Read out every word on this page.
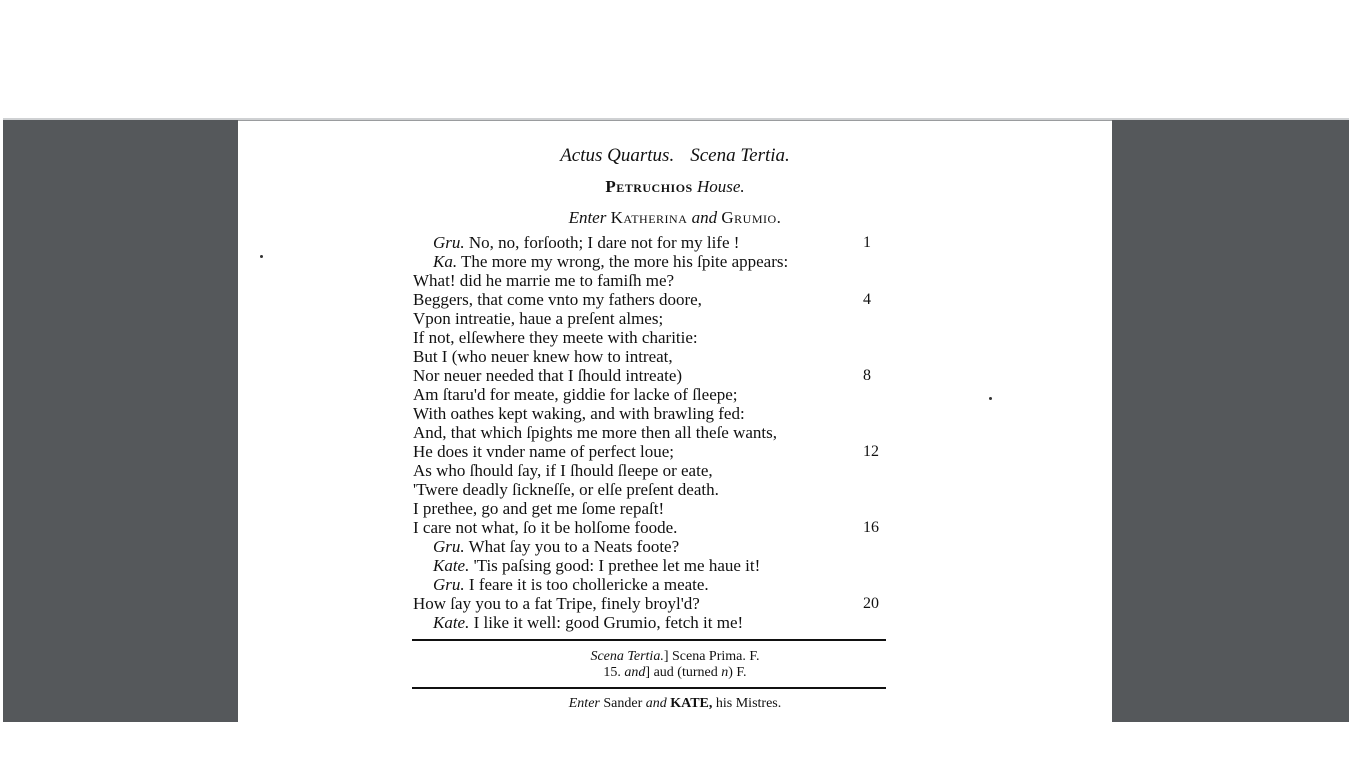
Actus Quartus. Scena Tertia.
Petruchios House.
Enter Katherina and Grumio.
Gru. No, no, forſooth; I dare not for my life !	1
Ka. The more my wrong, the more his ſpite appears:
What! did he marrie me to famiſh me?
Beggers, that come vnto my fathers doore,	4
Vpon intreatie, haue a preſent almes;
If not, elſewhere they meete with charitie:
But I (who neuer knew how to intreat,
Nor neuer needed that I ſhould intreate)	8
Am ſtaru'd for meate, giddie for lacke of ſleepe;
With oathes kept waking, and with brawling fed:
And, that which ſpights me more then all theſe wants,
He does it vnder name of perfect loue;	12
As who ſhould ſay, if I ſhould ſleepe or eate,
'Twere deadly ſickneſſe, or elſe preſent death.
I prethee, go and get me ſome repaſt!
I care not what, ſo it be holſome foode.	16
Gru. What ſay you to a Neats foote?
Kate. 'Tis paſsing good: I prethee let me haue it!
Gru. I feare it is too chollericke a meate.
How ſay you to a fat Tripe, finely broyl'd?	20
Kate. I like it well: good Grumio, fetch it me!
Scena Tertia.] Scena Prima. F.
15. and] aud (turned n) F.
Enter Sander and KATE, his Mistres.
